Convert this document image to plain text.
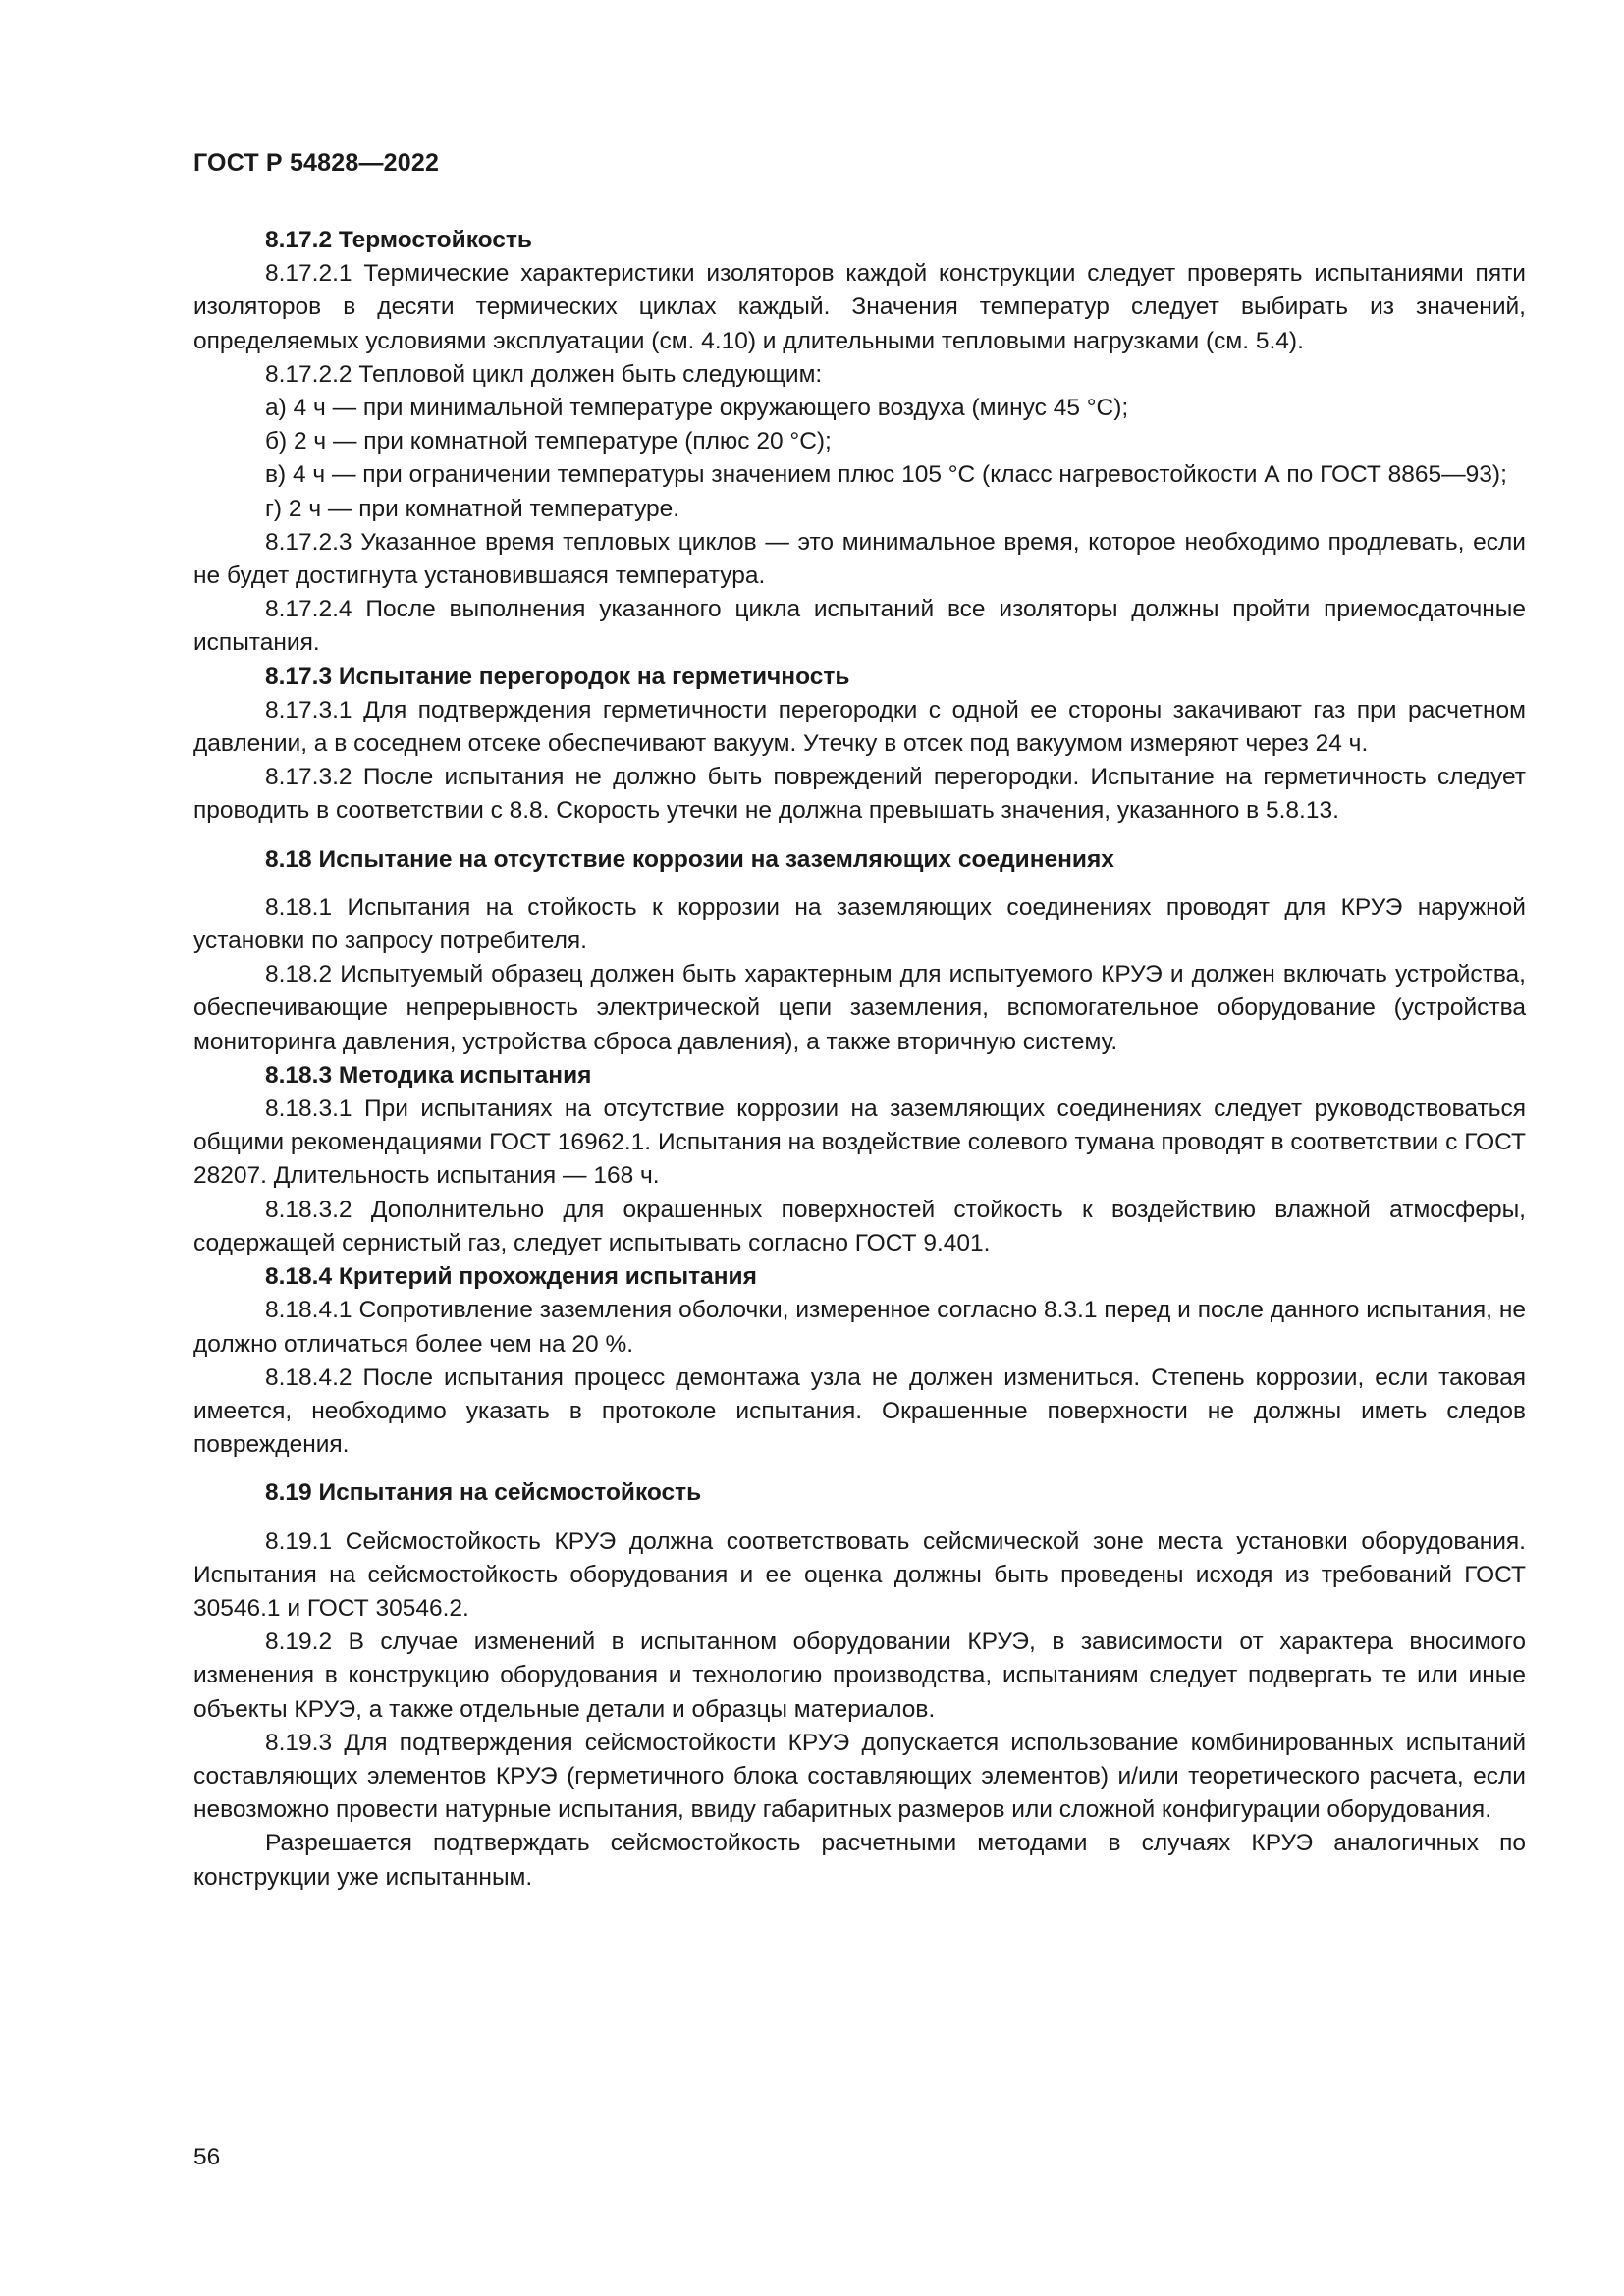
ГОСТ Р 54828—2022

8.17.2 Термостойкость

8.17.2.1 Термические характеристики изоляторов каждой конструкции следует проверять испытаниями пяти изоляторов в десяти термических циклах каждый. Значения температур следует выбирать из значений, определяемых условиями эксплуатации (см. 4.10) и длительными тепловыми нагрузками (см. 5.4).

8.17.2.2 Тепловой цикл должен быть следующим:

а) 4 ч — при минимальной температуре окружающего воздуха (минус 45 °С);

б) 2 ч — при комнатной температуре (плюс 20 °С);

в) 4 ч — при ограничении температуры значением плюс 105 °С (класс нагревостойкости А по ГОСТ 8865—93);

г) 2 ч — при комнатной температуре.

8.17.2.3 Указанное время тепловых циклов — это минимальное время, которое необходимо продлевать, если не будет достигнута установившаяся температура.

8.17.2.4 После выполнения указанного цикла испытаний все изоляторы должны пройти приемосдаточные испытания.

8.17.3 Испытание перегородок на герметичность

8.17.3.1 Для подтверждения герметичности перегородки с одной ее стороны закачивают газ при расчетном давлении, а в соседнем отсеке обеспечивают вакуум. Утечку в отсек под вакуумом измеряют через 24 ч.

8.17.3.2 После испытания не должно быть повреждений перегородки. Испытание на герметичность следует проводить в соответствии с 8.8. Скорость утечки не должна превышать значения, указанного в 5.8.13.

8.18 Испытание на отсутствие коррозии на заземляющих соединениях

8.18.1 Испытания на стойкость к коррозии на заземляющих соединениях проводят для КРУЭ наружной установки по запросу потребителя.

8.18.2 Испытуемый образец должен быть характерным для испытуемого КРУЭ и должен включать устройства, обеспечивающие непрерывность электрической цепи заземления, вспомогательное оборудование (устройства мониторинга давления, устройства сброса давления), а также вторичную систему.

8.18.3 Методика испытания

8.18.3.1 При испытаниях на отсутствие коррозии на заземляющих соединениях следует руководствоваться общими рекомендациями ГОСТ 16962.1. Испытания на воздействие солевого тумана проводят в соответствии с ГОСТ 28207. Длительность испытания — 168 ч.

8.18.3.2 Дополнительно для окрашенных поверхностей стойкость к воздействию влажной атмосферы, содержащей сернистый газ, следует испытывать согласно ГОСТ 9.401.

8.18.4 Критерий прохождения испытания

8.18.4.1 Сопротивление заземления оболочки, измеренное согласно 8.3.1 перед и после данного испытания, не должно отличаться более чем на 20 %.

8.18.4.2 После испытания процесс демонтажа узла не должен измениться. Степень коррозии, если таковая имеется, необходимо указать в протоколе испытания. Окрашенные поверхности не должны иметь следов повреждения.

8.19 Испытания на сейсмостойкость

8.19.1 Сейсмостойкость КРУЭ должна соответствовать сейсмической зоне места установки оборудования. Испытания на сейсмостойкость оборудования и ее оценка должны быть проведены исходя из требований ГОСТ 30546.1 и ГОСТ 30546.2.

8.19.2 В случае изменений в испытанном оборудовании КРУЭ, в зависимости от характера вносимого изменения в конструкцию оборудования и технологию производства, испытаниям следует подвергать те или иные объекты КРУЭ, а также отдельные детали и образцы материалов.

8.19.3 Для подтверждения сейсмостойкости КРУЭ допускается использование комбинированных испытаний составляющих элементов КРУЭ (герметичного блока составляющих элементов) и/или теоретического расчета, если невозможно провести натурные испытания, ввиду габаритных размеров или сложной конфигурации оборудования.

Разрешается подтверждать сейсмостойкость расчетными методами в случаях КРУЭ аналогичных по конструкции уже испытанным.

56
